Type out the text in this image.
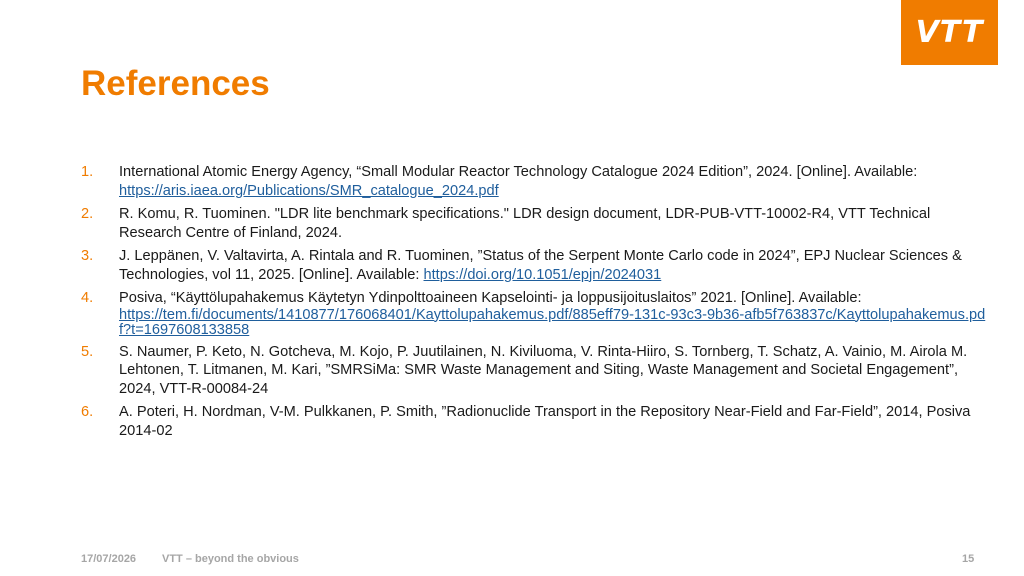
VTT
References
1.	International Atomic Energy Agency, “Small Modular Reactor Technology Catalogue 2024 Edition”, 2024. [Online]. Available: https://aris.iaea.org/Publications/SMR_catalogue_2024.pdf
2.	R. Komu, R. Tuominen. "LDR lite benchmark specifications." LDR design document, LDR-PUB-VTT-10002-R4, VTT Technical Research Centre of Finland, 2024.
3.	J. Leppänen, V. Valtavirta, A. Rintala and R. Tuominen, ”Status of the Serpent Monte Carlo code in 2024”, EPJ Nuclear Sciences & Technologies, vol 11, 2025. [Online]. Available: https://doi.org/10.1051/epjn/2024031
4.	Posiva, “Käyttölupahakemus Käytetyn Ydinpolttoaineen Kapselointi- ja loppusijoituslaitos” 2021. [Online]. Available:
https://tem.fi/documents/1410877/176068401/Kayttolupahakemus.pdf/885eff79-131c-93c3-9b36-afb5f763837c/Kayttolupahakemus.pdf?t=1697608133858
5.	S. Naumer, P. Keto, N. Gotcheva, M. Kojo, P. Juutilainen, N. Kiviluoma, V. Rinta-Hiiro, S. Tornberg, T. Schatz, A. Vainio, M. Airola M. Lehtonen, T. Litmanen, M. Kari, ”SMRSiMa: SMR Waste Management and Siting, Waste Management and Societal Engagement”, 2024, VTT-R-00084-24
6.	A. Poteri, H. Nordman, V-M. Pulkkanen, P. Smith, ”Radionuclide Transport in the Repository Near-Field and Far-Field”, 2014, Posiva 2014-02
17/07/2026 VTT – beyond the obvious	15
